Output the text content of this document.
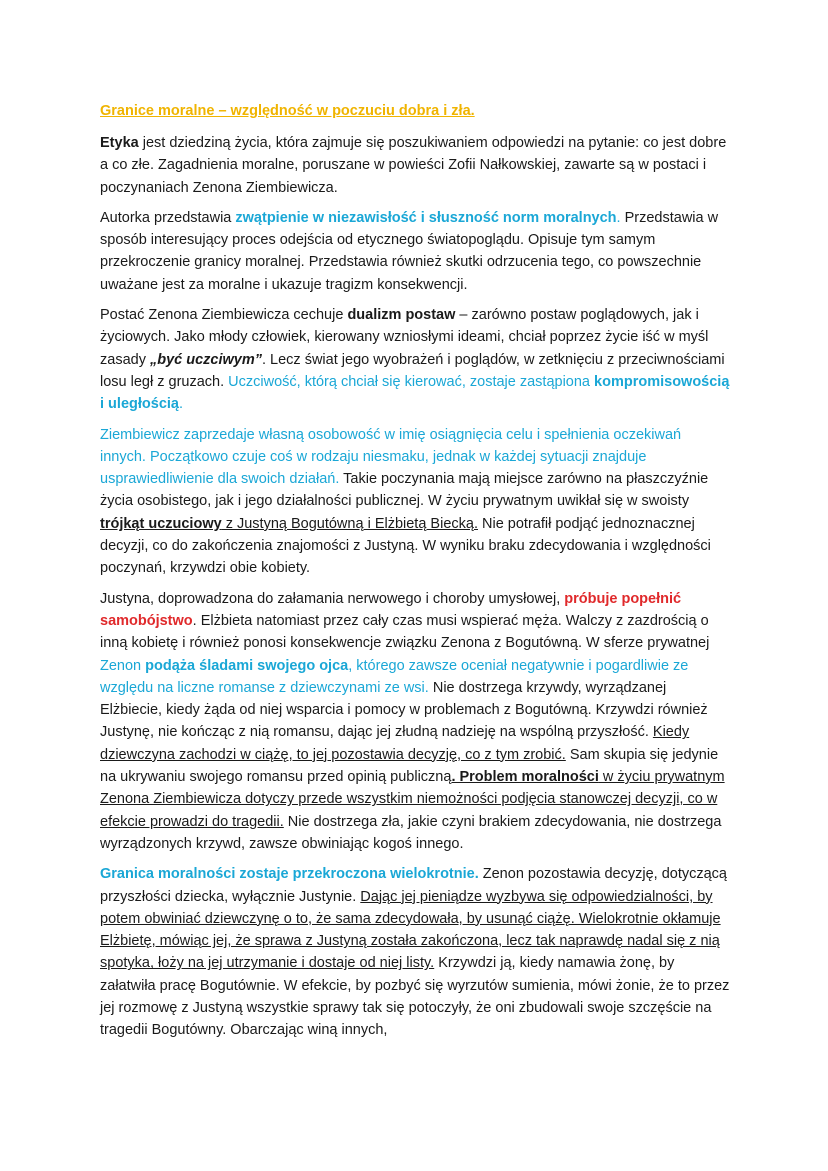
Granice moralne – względność w poczuciu dobra i zła.

Etyka jest dziedziną życia, która zajmuje się poszukiwaniem odpowiedzi na pytanie: co jest dobre a co złe. Zagadnienia moralne, poruszane w powieści Zofii Nałkowskiej, zawarte są w postaci i poczynaniach Zenona Ziembiewicza.

Autorka przedstawia zwątpienie w niezawisłość i słuszność norm moralnych. Przedstawia w sposób interesujący proces odejścia od etycznego światopoglądu. Opisuje tym samym przekroczenie granicy moralnej. Przedstawia również skutki odrzucenia tego, co powszechnie uważane jest za moralne i ukazuje tragizm konsekwencji.

Postać Zenona Ziembiewicza cechuje dualizm postaw – zarówno postaw poglądowych, jak i życiowych. Jako młody człowiek, kierowany wzniosłymi ideami, chciał poprzez życie iść w myśl zasady „być uczciwym”. Lecz świat jego wyobrażeń i poglądów, w zetknięciu z przeciwnościami losu legł z gruzach. Uczciwość, którą chciał się kierować, zostaje zastąpiona kompromisowością i uległością.

Ziembiewicz zaprzedaje własną osobowość w imię osiągnięcia celu i spełnienia oczekiwań innych. Początkowo czuje coś w rodzaju niesmaku, jednak w każdej sytuacji znajduje usprawiedliwienie dla swoich działań. Takie poczynania mają miejsce zarówno na płaszczyźnie życia osobistego, jak i jego działalności publicznej. W życiu prywatnym uwikłał się w swoisty trójkąt uczuciowy z Justyną Bogutówną i Elżbietą Biecką. Nie potrafił podjąć jednoznacznej decyzji, co do zakończenia znajomości z Justyną. W wyniku braku zdecydowania i względności poczynań, krzywdzi obie kobiety.

Justyna, doprowadzona do załamania nerwowego i choroby umysłowej, próbuje popełnić samobójstwo. Elżbieta natomiast przez cały czas musi wspierać męża. Walczy z zazdrością o inną kobietę i również ponosi konsekwencje związku Zenona z Bogutówną. W sferze prywatnej Zenon podąża śladami swojego ojca, którego zawsze oceniał negatywnie i pogardliwie ze względu na liczne romanse z dziewczynami ze wsi. Nie dostrzega krzywdy, wyrządzanej Elżbiecie, kiedy żąda od niej wsparcia i pomocy w problemach z Bogutówną. Krzywdzi również Justynę, nie kończąc z nią romansu, dając jej złudną nadzieję na wspólną przyszłość. Kiedy dziewczyna zachodzi w ciążę, to jej pozostawia decyzję, co z tym zrobić. Sam skupia się jedynie na ukrywaniu swojego romansu przed opinią publiczną. Problem moralności w życiu prywatnym Zenona Ziembiewicza dotyczy przede wszystkim niemożności podjęcia stanowczej decyzji, co w efekcie prowadzi do tragedii. Nie dostrzega zła, jakie czyni brakiem zdecydowania, nie dostrzega wyrządzonych krzywd, zawsze obwiniając kogoś innego.

Granica moralności zostaje przekroczona wielokrotnie. Zenon pozostawia decyzję, dotyczącą przyszłości dziecka, wyłącznie Justynie. Dając jej pieniądze wyzbywa się odpowiedzialności, by potem obwiniać dziewczynę o to, że sama zdecydowała, by usunąć ciążę. Wielokrotnie okłamuje Elżbietę, mówiąc jej, że sprawa z Justyną została zakończona, lecz tak naprawdę nadal się z nią spotyka, łoży na jej utrzymanie i dostaje od niej listy. Krzywdzi ją, kiedy namawia żonę, by załatwiła pracę Bogutównie. W efekcie, by pozbyć się wyrzutów sumienia, mówi żonie, że to przez jej rozmowę z Justyną wszystkie sprawy tak się potoczyły, że oni zbudowali swoje szczęście na tragedii Bogutówny. Obarczając winą innych,
